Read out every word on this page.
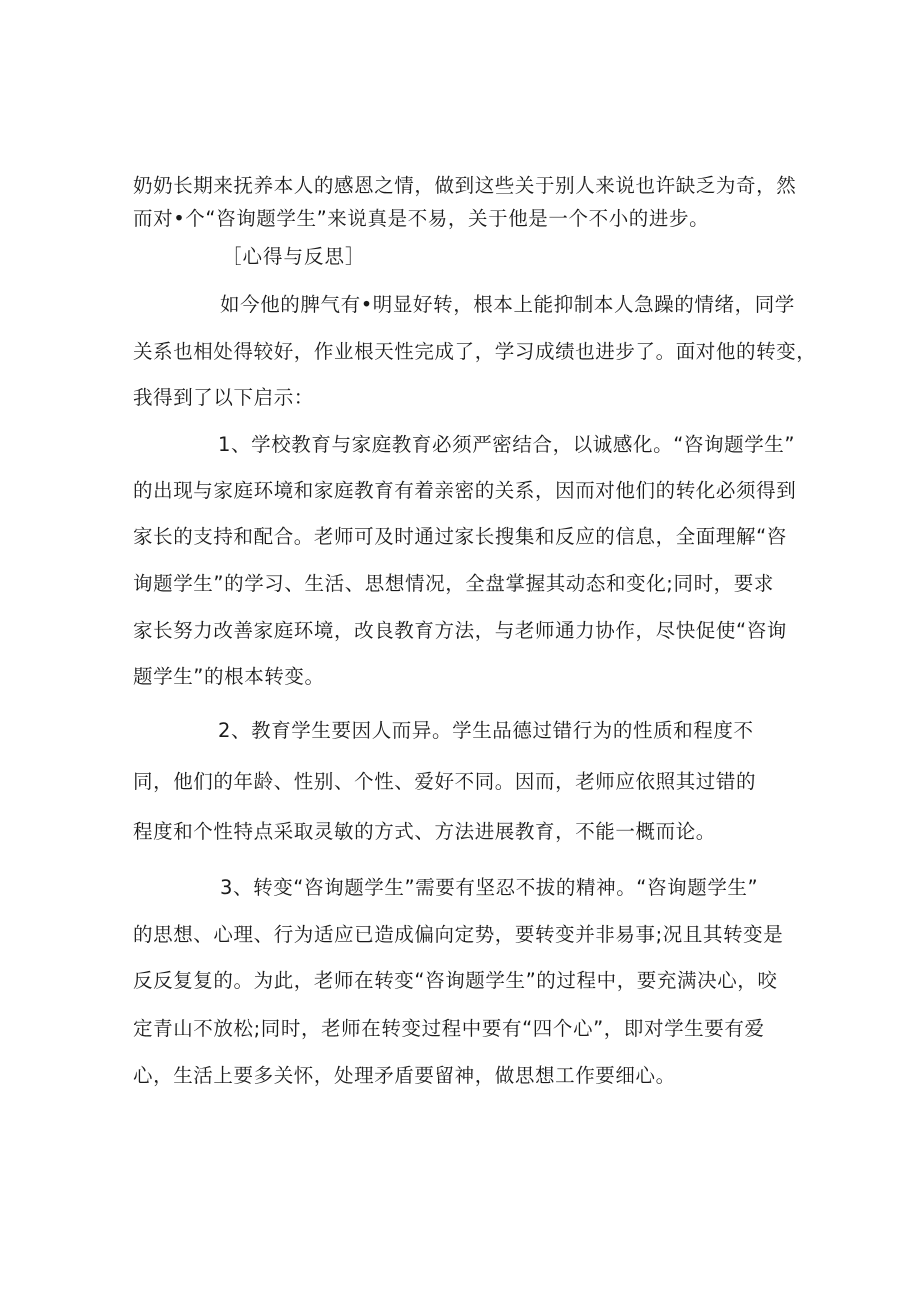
奶奶长期来抚养本人的感恩之情，做到这些关于别人来说也许缺乏为奇，然
而对•个“咨询题学生”来说真是不易，关于他是一个不小的进步。
［心得与反思］
如今他的脾气有•明显好转，根本上能抑制本人急躁的情绪，同学
关系也相处得较好，作业根天性完成了，学习成绩也进步了。面对他的转变，
我得到了以下启示：
1、学校教育与家庭教育必须严密结合，以诚感化。“咨询题学生”
的出现与家庭环境和家庭教育有着亲密的关系，因而对他们的转化必须得到
家长的支持和配合。老师可及时通过家长搜集和反应的信息，全面理解“咨
询题学生”的学习、生活、思想情况，全盘掌握其动态和变化;同时，要求
家长努力改善家庭环境，改良教育方法，与老师通力协作，尽快促使“咨询
题学生”的根本转变。
2、教育学生要因人而异。学生品德过错行为的性质和程度不
同，他们的年龄、性别、个性、爱好不同。因而，老师应依照其过错的
程度和个性特点采取灵敏的方式、方法进展教育，不能一概而论。
3、转变“咨询题学生”需要有坚忍不拔的精神。“咨询题学生”
的思想、心理、行为适应已造成偏向定势，要转变并非易事;况且其转变是
反反复复的。为此，老师在转变“咨询题学生”的过程中，要充满决心，咬
定青山不放松;同时，老师在转变过程中要有“四个心”，即对学生要有爱
心，生活上要多关怀，处理矛盾要留神，做思想工作要细心。
